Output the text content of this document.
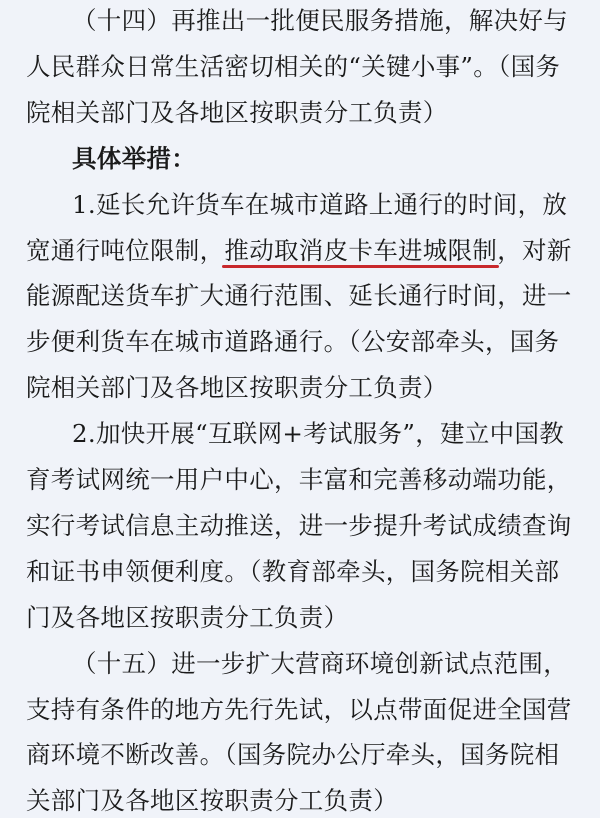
（十四）再推出一批便民服务措施，解决好与
人民群众日常生活密切相关的“关键小事”。（国务
院相关部门及各地区按职责分工负责）
具体举措：
1.延长允许货车在城市道路上通行的时间，放
宽通行吨位限制，推动取消皮卡车进城限制，对新
能源配送货车扩大通行范围、延长通行时间，进一
步便利货车在城市道路通行。（公安部牵头，国务
院相关部门及各地区按职责分工负责）
2.加快开展“互联网+考试服务”，建立中国教
育考试网统一用户中心，丰富和完善移动端功能，
实行考试信息主动推送，进一步提升考试成绩查询
和证书申领便利度。（教育部牵头，国务院相关部
门及各地区按职责分工负责）
（十五）进一步扩大营商环境创新试点范围，
支持有条件的地方先行先试，以点带面促进全国营
商环境不断改善。（国务院办公厅牵头，国务院相
关部门及各地区按职责分工负责）
